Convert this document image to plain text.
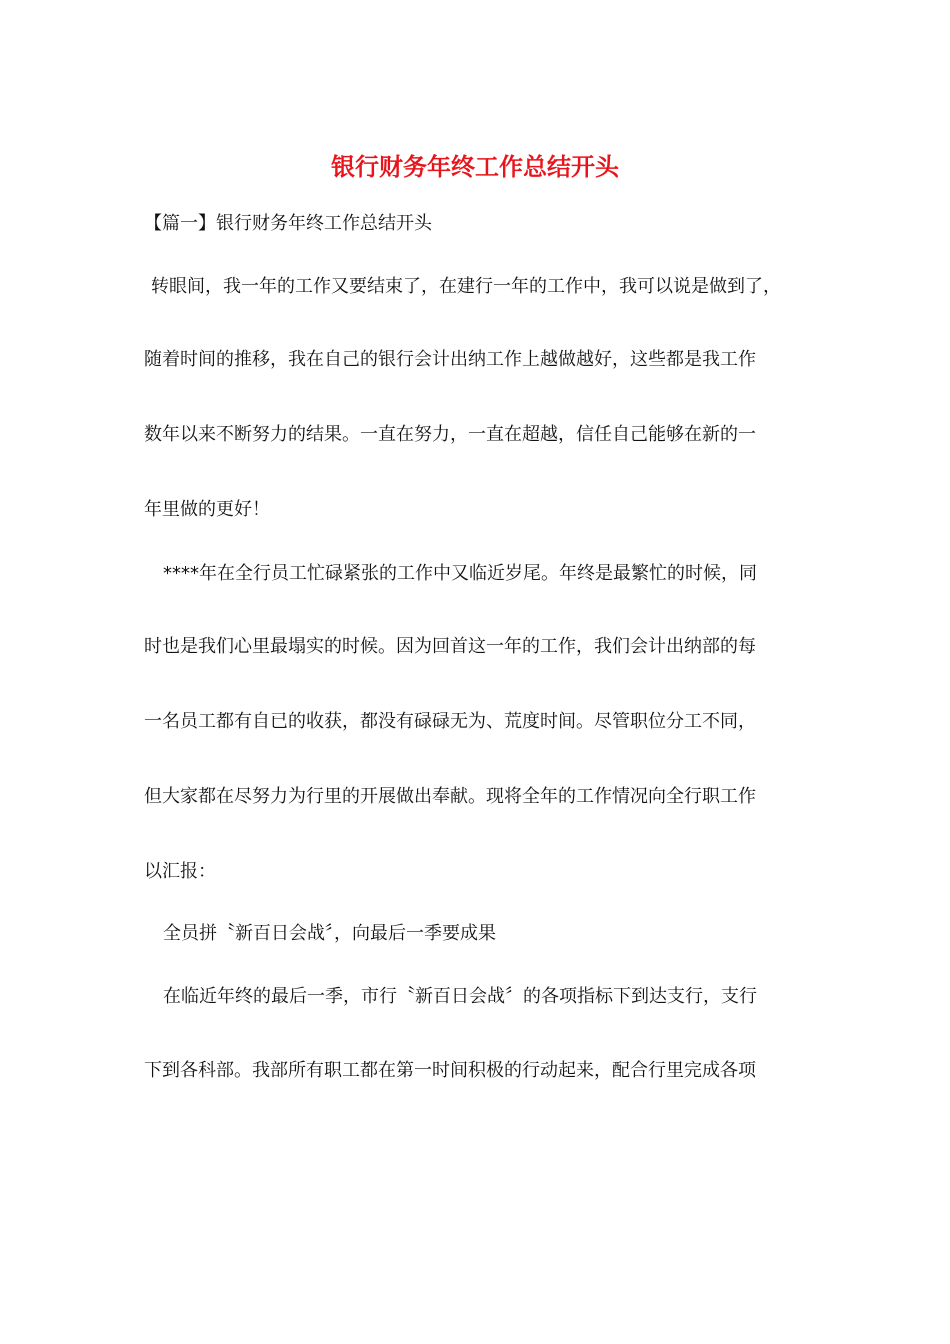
银行财务年终工作总结开头

【篇一】银行财务年终工作总结开头

转眼间，我一年的工作又要结束了，在建行一年的工作中，我可以说是做到了，

随着时间的推移，我在自己的银行会计出纳工作上越做越好，这些都是我工作

数年以来不断努力的结果。一直在努力，一直在超越，信任自己能够在新的一

年里做的更好！

****年在全行员工忙碌紧张的工作中又临近岁尾。年终是最繁忙的时候，同

时也是我们心里最塌实的时候。因为回首这一年的工作，我们会计出纳部的每

一名员工都有自已的收获，都没有碌碌无为、荒度时间。尽管职位分工不同，

但大家都在尽努力为行里的开展做出奉献。现将全年的工作情况向全行职工作

以汇报：

全员拼〝新百日会战〞，向最后一季要成果

在临近年终的最后一季，市行〝新百日会战〞的各项指标下到达支行，支行

下到各科部。我部所有职工都在第一时间积极的行动起来，配合行里完成各项
